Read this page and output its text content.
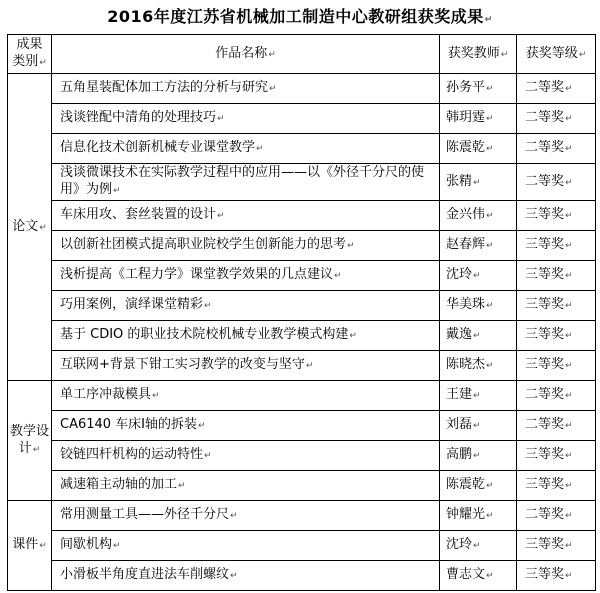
2016年度江苏省机械加工制造中心教研组获奖成果↵
成果类别↵	作品名称↵	获奖教师↵	获奖等级↵
论文↵	五角星装配体加工方法的分析与研究↵	孙务平↵	二等奖↵
	浅谈锉配中清角的处理技巧↵	韩玥霆↵	二等奖↵
	信息化技术创新机械专业课堂教学↵	陈震乾↵	二等奖↵
	浅谈微课技术在实际教学过程中的应用——以《外径千分尺的使用》为例↵	张精↵	二等奖↵
	车床用攻、套丝装置的设计↵	金兴伟↵	三等奖↵
	以创新社团模式提高职业院校学生创新能力的思考↵	赵春辉↵	三等奖↵
	浅析提高《工程力学》课堂教学效果的几点建议↵	沈玲↵	三等奖↵
	巧用案例，演绎课堂精彩↵	华美珠↵	三等奖↵
	基于 CDIO 的职业技术院校机械专业教学模式构建↵	戴逸↵	三等奖↵
	互联网+背景下钳工实习教学的改变与坚守↵	陈晓杰↵	三等奖↵
教学设计↵	单工序冲裁模具↵	王建↵	二等奖↵
	CA6140 车床Ⅰ轴的拆装↵	刘磊↵	二等奖↵
	铰链四杆机构的运动特性↵	高鹏↵	三等奖↵
	减速箱主动轴的加工↵	陈震乾↵	三等奖↵
课件↵	常用测量工具——外径千分尺↵	钟耀光↵	二等奖↵
	间歇机构↵	沈玲↵	三等奖↵
	小滑板半角度直进法车削螺纹↵	曹志文↵	三等奖↵
